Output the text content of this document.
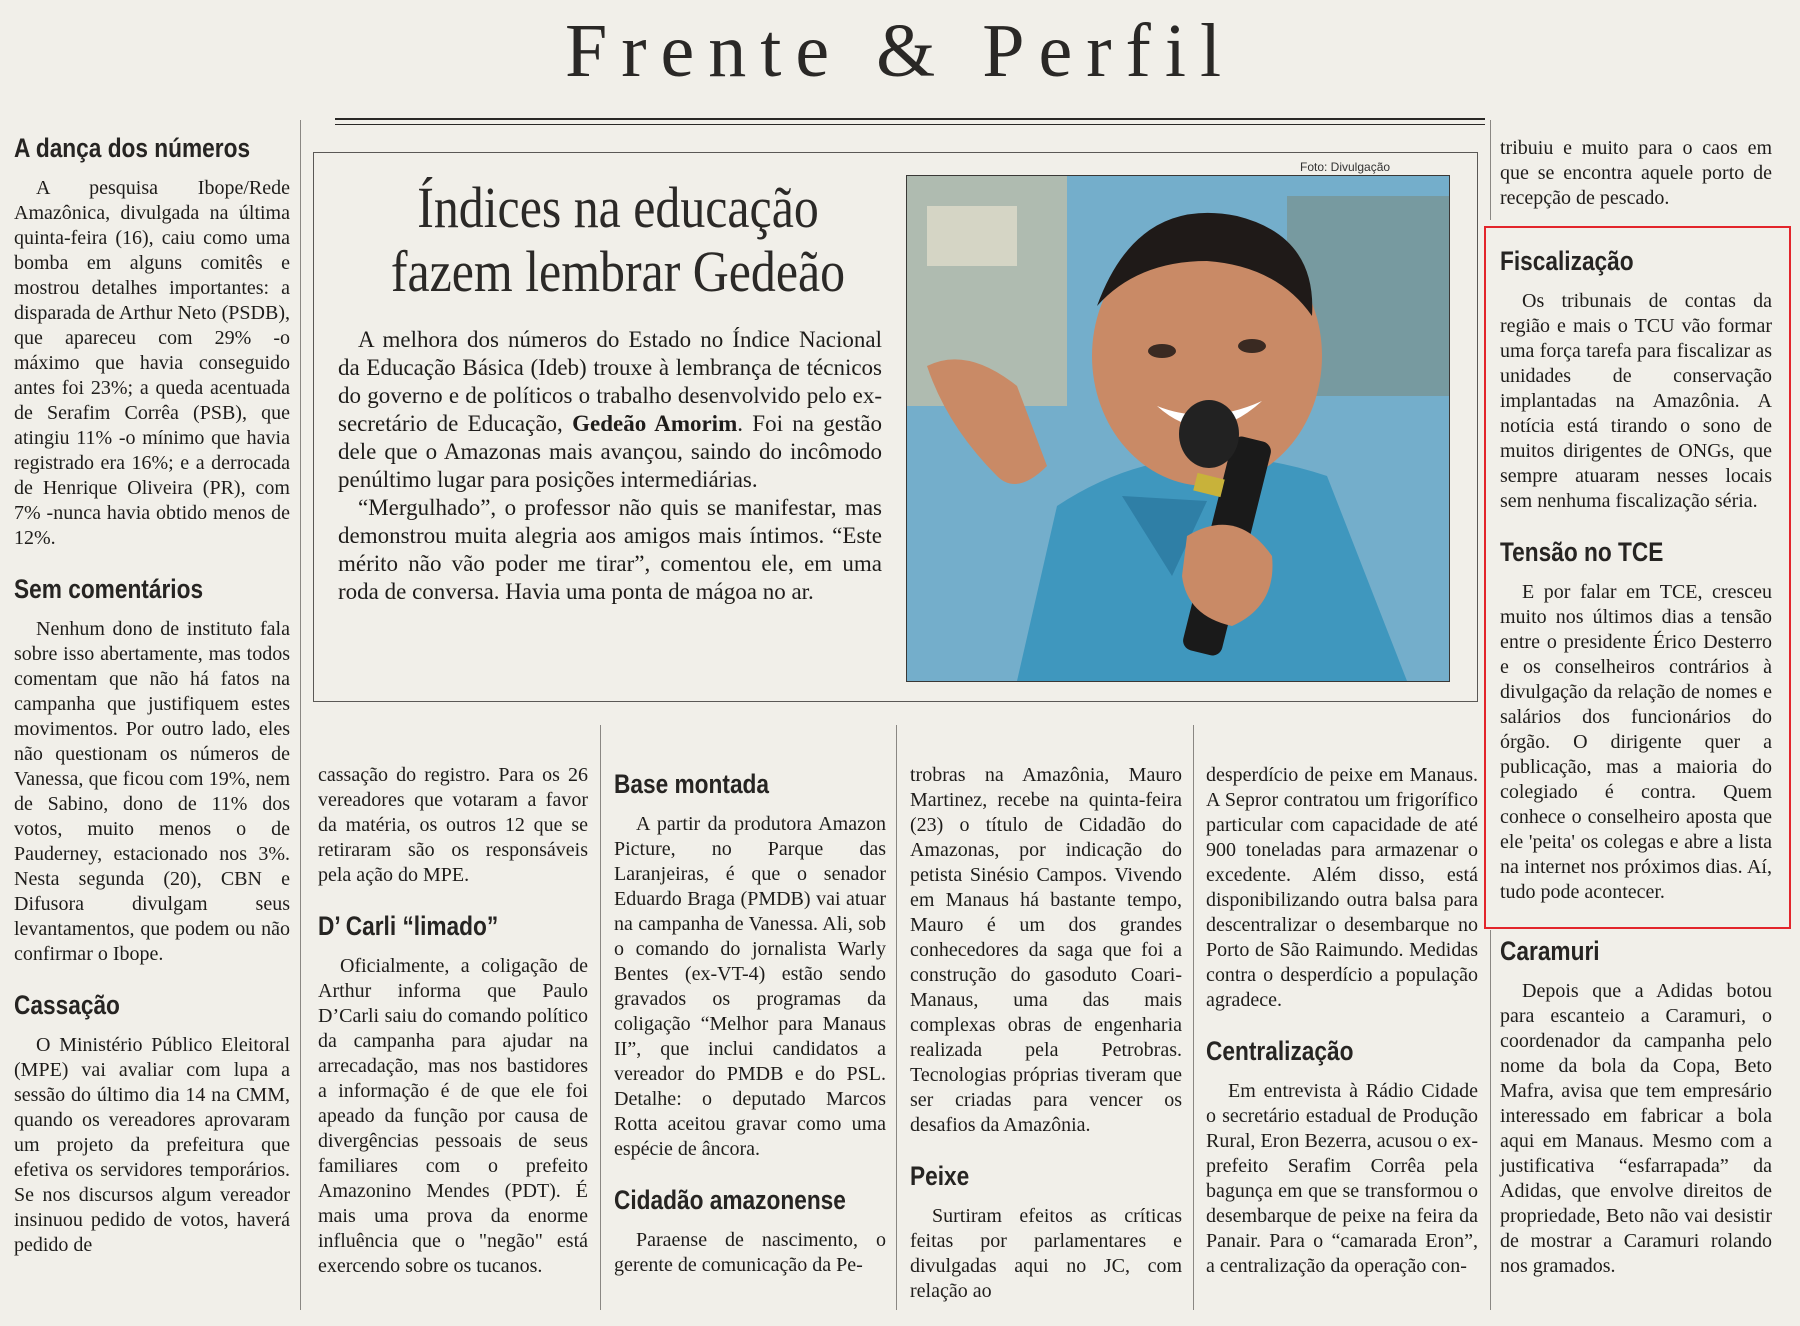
Frente & Perfil
Índices na educação
fazem lembrar Gedeão

A melhora dos números do Estado no Índice Nacional da Educação Básica (Ideb) trouxe à lembrança de técnicos do governo e de políticos o trabalho desenvolvido pelo ex-secretário de Educação, Gedeão Amorim. Foi na gestão dele que o Amazonas mais avançou, saindo do incômodo penúltimo lugar para posições intermediárias.

“Mergulhado”, o professor não quis se manifestar, mas demonstrou muita alegria aos amigos mais íntimos. “Este mérito não vão poder me tirar”, comentou ele, em uma roda de conversa. Havia uma ponta de mágoa no ar.

Foto: Divulgação
A dança dos números

A pesquisa Ibope/Rede Amazônica, divulgada na última quinta-feira (16), caiu como uma bomba em alguns comitês e mostrou detalhes importantes: a disparada de Arthur Neto (PSDB), que apareceu com 29% -o máximo que havia conseguido antes foi 23%; a queda acentuada de Serafim Corrêa (PSB), que atingiu 11% -o mínimo que havia registrado era 16%; e a derrocada de Henrique Oliveira (PR), com 7% -nunca havia obtido menos de 12%.

Sem comentários

Nenhum dono de instituto fala sobre isso abertamente, mas todos comentam que não há fatos na campanha que justifiquem estes movimentos. Por outro lado, eles não questionam os números de Vanessa, que ficou com 19%, nem de Sabino, dono de 11% dos votos, muito menos o de Pauderney, estacionado nos 3%. Nesta segunda (20), CBN e Difusora divulgam seus levantamentos, que podem ou não confirmar o Ibope.

Cassação

O Ministério Público Eleitoral (MPE) vai avaliar com lupa a sessão do último dia 14 na CMM, quando os vereadores aprovaram um projeto da prefeitura que efetiva os servidores temporários. Se nos discursos algum vereador insinuou pedido de votos, haverá pedido de

cassação do registro. Para os 26 vereadores que votaram a favor da matéria, os outros 12 que se retiraram são os responsáveis pela ação do MPE.

D’ Carli “limado”

Oficialmente, a coligação de Arthur informa que Paulo D’Carli saiu do comando político da campanha para ajudar na arrecadação, mas nos bastidores a informação é de que ele foi apeado da função por causa de divergências pessoais de seus familiares com o prefeito Amazonino Mendes (PDT). É mais uma prova da enorme influência que o "negão" está exercendo sobre os tucanos.

Base montada

A partir da produtora Amazon Picture, no Parque das Laranjeiras, é que o senador Eduardo Braga (PMDB) vai atuar na campanha de Vanessa. Ali, sob o comando do jornalista Warly Bentes (ex-VT-4) estão sendo gravados os programas da coligação “Melhor para Manaus II”, que inclui candidatos a vereador do PMDB e do PSL. Detalhe: o deputado Marcos Rotta aceitou gravar como uma espécie de âncora.

Cidadão amazonense

Paraense de nascimento, o gerente de comunicação da Pe-

trobras na Amazônia, Mauro Martinez, recebe na quinta-feira (23) o título de Cidadão do Amazonas, por indicação do petista Sinésio Campos. Vivendo em Manaus há bastante tempo, Mauro é um dos grandes conhecedores da saga que foi a construção do gasoduto Coari-Manaus, uma das mais complexas obras de engenharia realizada pela Petrobras. Tecnologias próprias tiveram que ser criadas para vencer os desafios da Amazônia.

Peixe

Surtiram efeitos as críticas feitas por parlamentares e divulgadas aqui no JC, com relação ao

desperdício de peixe em Manaus. A Sepror contratou um frigorífico particular com capacidade de até 900 toneladas para armazenar o excedente. Além disso, está disponibilizando outra balsa para descentralizar o desembarque no Porto de São Raimundo. Medidas contra o desperdício a população agradece.

Centralização

Em entrevista à Rádio Cidade o secretário estadual de Produção Rural, Eron Bezerra, acusou o ex-prefeito Serafim Corrêa pela bagunça em que se transformou o desembarque de peixe na feira da Panair. Para o “camarada Eron”, a centralização da operação con-

tribuiu e muito para o caos em que se encontra aquele porto de recepção de pescado.

Fiscalização

Os tribunais de contas da região e mais o TCU vão formar uma força tarefa para fiscalizar as unidades de conservação implantadas na Amazônia. A notícia está tirando o sono de muitos dirigentes de ONGs, que sempre atuaram nesses locais sem nenhuma fiscalização séria.

Tensão no TCE

E por falar em TCE, cresceu muito nos últimos dias a tensão entre o presidente Érico Desterro e os conselheiros contrários à divulgação da relação de nomes e salários dos funcionários do órgão. O dirigente quer a publicação, mas a maioria do colegiado é contra. Quem conhece o conselheiro aposta que ele 'peita' os colegas e abre a lista na internet nos próximos dias. Aí, tudo pode acontecer.

Caramuri

Depois que a Adidas botou para escanteio a Caramuri, o coordenador da campanha pelo nome da bola da Copa, Beto Mafra, avisa que tem empresário interessado em fabricar a bola aqui em Manaus. Mesmo com a justificativa “esfarrapada” da Adidas, que envolve direitos de propriedade, Beto não vai desistir de mostrar a Caramuri rolando nos gramados.
